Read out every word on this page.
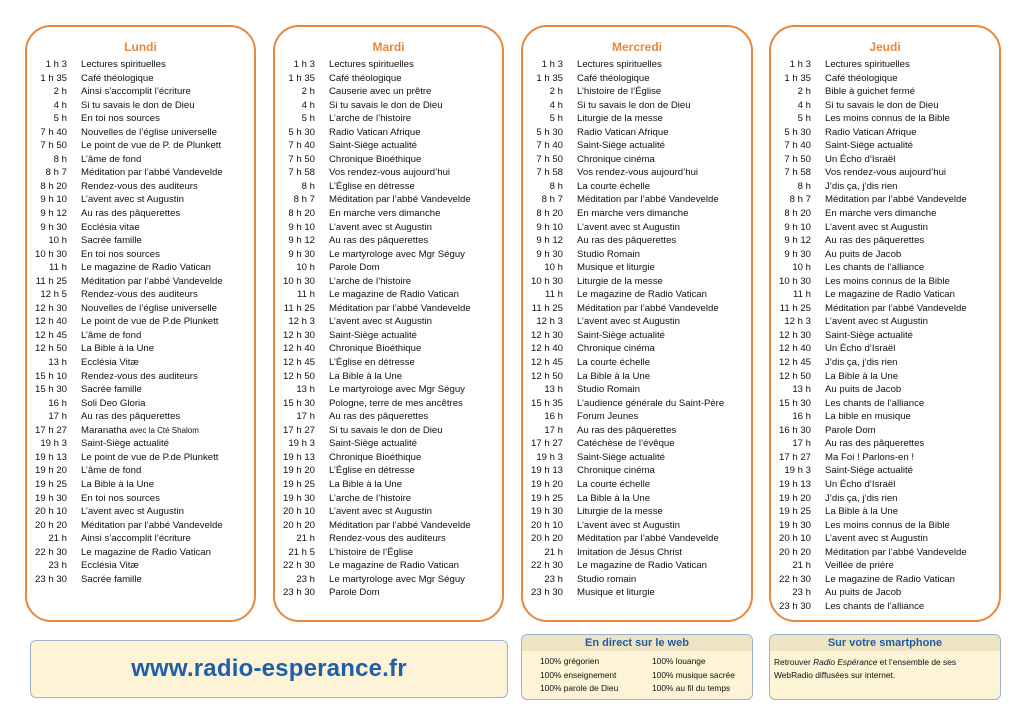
Lundi
1 h 3	Lectures spirituelles
1 h 35	Café théologique
2 h	Ainsi s’accomplit l’écriture
4 h	Si tu savais le don de Dieu
5 h	En toi nos sources
7 h 40	Nouvelles de l’église universelle
7 h 50	Le point de vue de P. de Plunkett
8 h	L’âme de fond
8 h 7	Méditation par l’abbé Vandevelde
8 h 20	Rendez-vous des auditeurs
9 h 10	L’avent avec st Augustin
9 h 12	Au ras des pâquerettes
9 h 30	Ecclésia vitae
10 h	Sacrée famille
10 h 30	En toi nos sources
11 h	Le magazine de Radio Vatican
11 h 25	Méditation par l’abbé Vandevelde
12 h 5	Rendez-vous des auditeurs
12 h 30	Nouvelles de l’église universelle
12 h 40	Le point de vue de P.de Plunkett
12 h 45	L’âme de fond
12 h 50	La Bible à la Une
13 h	Ecclésia Vitæ
15 h 10	Rendez-vous des auditeurs
15 h 30	Sacrée famille
16 h	Soli Deo Gloria
17 h	Au ras des pâquerettes
17 h 27	Maranatha avec la Cté Shalom
19 h 3	Saint-Siège actualité
19 h 13	Le point de vue de P.de Plunkett
19 h 20	L’âme de fond
19 h 25	La Bible à la Une
19 h 30	En toi nos sources
20 h 10	L’avent avec st Augustin
20 h 20	Méditation par l’abbé Vandevelde
21 h	Ainsi s’accomplit l’écriture
22 h 30	Le magazine de Radio Vatican
23 h	Ecclésia Vitæ
23 h 30	Sacrée famille
Mardi
1 h 3	Lectures spirituelles
1 h 35	Café théologique
2 h	Causerie avec un prêtre
4 h	Si tu savais le don de Dieu
5 h	L’arche de l’histoire
5 h 30	Radio Vatican Afrique
7 h 40	Saint-Siège actualité
7 h 50	Chronique Bioéthique
7 h 58	Vos rendez-vous aujourd’hui
8 h	L’Église en détresse
8 h 7	Méditation par l’abbé Vandevelde
8 h 20	En marche vers dimanche
9 h 10	L’avent avec st Augustin
9 h 12	Au ras des pâquerettes
9 h 30	Le martyrologe avec Mgr Séguy
10 h	Parole Dom
10 h 30	L’arche de l’histoire
11 h	Le magazine de Radio Vatican
11 h 25	Méditation par l’abbé Vandevelde
12 h 3	L’avent avec st Augustin
12 h 30	Saint-Siège actualité
12 h 40	Chronique Bioéthique
12 h 45	L’Église en détresse
12 h 50	La Bible à la Une
13 h	Le martyrologe avec Mgr Séguy
15 h 30	Pologne, terre de mes ancêtres
17 h	Au ras des pâquerettes
17 h 27	Si tu savais le don de Dieu
19 h 3	Saint-Siège actualité
19 h 13	Chronique Bioéthique
19 h 20	L’Église en détresse
19 h 25	La Bible à la Une
19 h 30	L’arche de l’histoire
20 h 10	L’avent avec st Augustin
20 h 20	Méditation par l’abbé Vandevelde
21 h	Rendez-vous des auditeurs
21 h 5	L’histoire de l’Église
22 h 30	Le magazine de Radio Vatican
23 h	Le martyrologe avec Mgr Séguy
23 h 30	Parole Dom
Mercredi
1 h 3	Lectures spirituelles
1 h 35	Café théologique
2 h	L’histoire de l’Église
4 h	Si tu savais le don de Dieu
5 h	Liturgie de la messe
5 h 30	Radio Vatican Afrique
7 h 40	Saint-Siège actualité
7 h 50	Chronique cinéma
7 h 58	Vos rendez-vous aujourd’hui
8 h	La courte échelle
8 h 7	Méditation par l’abbé Vandevelde
8 h 20	En marche vers dimanche
9 h 10	L’avent avec st Augustin
9 h 12	Au ras des pâquerettes
9 h 30	Studio Romain
10 h	Musique et liturgie
10 h 30	Liturgie de la messe
11 h	Le magazine de Radio Vatican
11 h 25	Méditation par l’abbé Vandevelde
12 h 3	L’avent avec st Augustin
12 h 30	Saint-Siège actualité
12 h 40	Chronique cinéma
12 h 45	La courte échelle
12 h 50	La Bible à la Une
13 h	Studio Romain
15 h 35	L’audience générale du Saint-Père
16 h	Forum Jeunes
17 h	Au ras des pâquerettes
17 h 27	Catéchèse de l’évêque
19 h 3	Saint-Siège actualité
19 h 13	Chronique cinéma
19 h 20	La courte échelle
19 h 25	La Bible à la Une
19 h 30	Liturgie de la messe
20 h 10	L’avent avec st Augustin
20 h 20	Méditation par l’abbé Vandevelde
21 h	Imitation de Jésus Christ
22 h 30	Le magazine de Radio Vatican
23 h	Studio romain
23 h 30	Musique et liturgie
Jeudi
1 h 3	Lectures spirituelles
1 h 35	Café théologique
2 h	Bible à guichet fermé
4 h	Si tu savais le don de Dieu
5 h	Les moins connus de la Bible
5 h 30	Radio Vatican Afrique
7 h 40	Saint-Siège actualité
7 h 50	Un Écho d’Israël
7 h 58	Vos rendez-vous aujourd’hui
8 h	J’dis ça, j’dis rien
8 h 7	Méditation par l’abbé Vandevelde
8 h 20	En marche vers dimanche
9 h 10	L’avent avec st Augustin
9 h 12	Au ras des pâquerettes
9 h 30	Au puits de Jacob
10 h	Les chants de l’alliance
10 h 30	Les moins connus de la Bible
11 h	Le magazine de Radio Vatican
11 h 25	Méditation par l’abbé Vandevelde
12 h 3	L’avent avec st Augustin
12 h 30	Saint-Siège actualité
12 h 40	Un Écho d’Israël
12 h 45	J’dis ça, j’dis rien
12 h 50	La Bible à la Une
13 h	Au puits de Jacob
15 h 30	Les chants de l’alliance
16 h	La bible en musique
16 h 30	Parole Dom
17 h	Au ras des pâquerettes
17 h 27	Ma Foi ! Parlons-en !
19 h 3	Saint-Siège actualité
19 h 13	Un Écho d’Israël
19 h 20	J’dis ça, j’dis rien
19 h 25	La Bible à la Une
19 h 30	Les moins connus de la Bible
20 h 10	L’avent avec st Augustin
20 h 20	Méditation par l’abbé Vandevelde
21 h	Veillée de prière
22 h 30	Le magazine de Radio Vatican
23 h	Au puits de Jacob
23 h 30	Les chants de l’alliance
www.radio-esperance.fr
En direct sur le web
100% grégorien	100% louange
100% enseignement	100% musique sacrée
100% parole de Dieu	100% au fil du temps
Sur votre smartphone
Retrouver Radio Espérance et l’ensemble de ses WebRadio diffusées sur internet.
